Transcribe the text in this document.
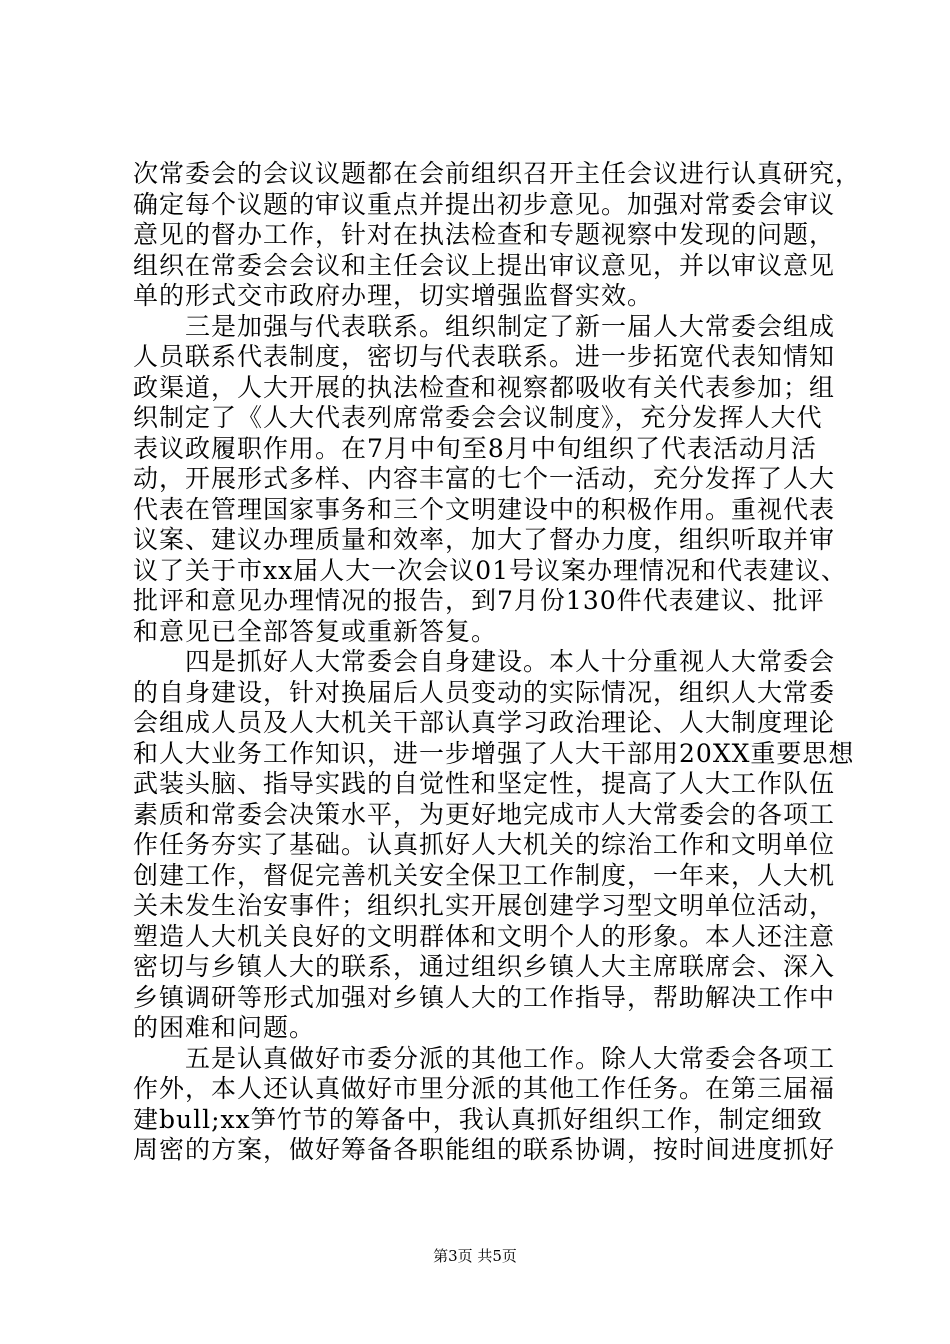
次常委会的会议议题都在会前组织召开主任会议进行认真研究，
确定每个议题的审议重点并提出初步意见。加强对常委会审议
意见的督办工作，针对在执法检查和专题视察中发现的问题，
组织在常委会会议和主任会议上提出审议意见，并以审议意见
单的形式交市政府办理，切实增强监督实效。
　　三是加强与代表联系。组织制定了新一届人大常委会组成
人员联系代表制度，密切与代表联系。进一步拓宽代表知情知
政渠道，人大开展的执法检查和视察都吸收有关代表参加；组
织制定了《人大代表列席常委会会议制度》，充分发挥人大代
表议政履职作用。在7月中旬至8月中旬组织了代表活动月活
动，开展形式多样、内容丰富的七个一活动，充分发挥了人大
代表在管理国家事务和三个文明建设中的积极作用。重视代表
议案、建议办理质量和效率，加大了督办力度，组织听取并审
议了关于市xx届人大一次会议01号议案办理情况和代表建议、
批评和意见办理情况的报告，到7月份130件代表建议、批评
和意见已全部答复或重新答复。
　　四是抓好人大常委会自身建设。本人十分重视人大常委会
的自身建设，针对换届后人员变动的实际情况，组织人大常委
会组成人员及人大机关干部认真学习政治理论、人大制度理论
和人大业务工作知识，进一步增强了人大干部用20XX重要思想
武装头脑、指导实践的自觉性和坚定性，提高了人大工作队伍
素质和常委会决策水平，为更好地完成市人大常委会的各项工
作任务夯实了基础。认真抓好人大机关的综治工作和文明单位
创建工作，督促完善机关安全保卫工作制度，一年来，人大机
关未发生治安事件；组织扎实开展创建学习型文明单位活动，
塑造人大机关良好的文明群体和文明个人的形象。本人还注意
密切与乡镇人大的联系，通过组织乡镇人大主席联席会、深入
乡镇调研等形式加强对乡镇人大的工作指导，帮助解决工作中
的困难和问题。
　　五是认真做好市委分派的其他工作。除人大常委会各项工
作外，本人还认真做好市里分派的其他工作任务。在第三届福
建bull;xx笋竹节的筹备中，我认真抓好组织工作，制定细致
周密的方案，做好筹备各职能组的联系协调，按时间进度抓好
第3页 共5页
